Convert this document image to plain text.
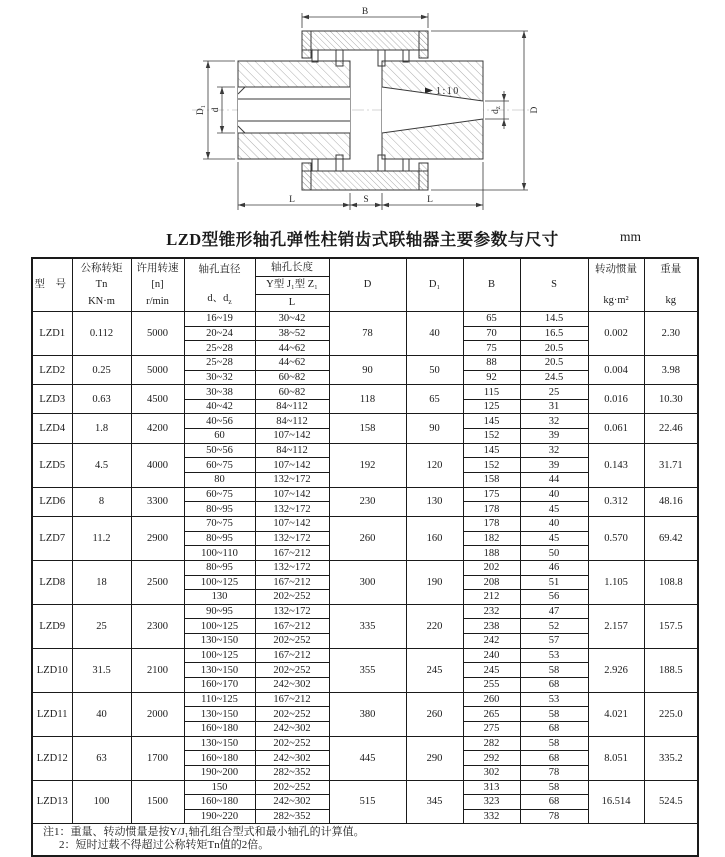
1:10
B
D
D₁ d	$d_z$
L	S	L
LZD型锥形轴孔弹性柱销齿式联轴器主要参数与尺寸	mm
型 号

公称转矩
Tn
KN·m

许用转速
[n]
r/min

轴孔直径
d、$d_z$

轴孔长度
Y型 J₁型 Z₁
L
	D	D₁	B	S	
转动惯量
kg·m²

重量
kg

LZD1	0.112	5000	16~19	30~42	78	40	65	14.5	0.002	2.30
			20~24	38~52			70	16.5		
			25~28	44~62			75	20.5		
LZD2	0.25	5000	25~28	44~62	90	50	88	20.5	0.004	3.98
			30~32	60~82			92	24.5		
LZD3	0.63	4500	30~38	60~82	118	65	115	25	0.016	10.30
			40~42	84~112			125	31		
LZD4	1.8	4200	40~56	84~112	158	90	145	32	0.061	22.46
			60	107~142			152	39		
LZD5	4.5	4000	50~56	84~112	192	120	145	32	0.143	31.71
			60~75	107~142			152	39		
			80	132~172			158	44		
LZD6	8	3300	60~75	107~142	230	130	175	40	0.312	48.16
			80~95	132~172			178	45		
LZD7	11.2	2900	70~75	107~142	260	160	178	40	0.570	69.42
			80~95	132~172			182	45		
			100~110	167~212			188	50		
LZD8	18	2500	80~95	132~172	300	190	202	46	1.105	108.8
			100~125	167~212			208	51		
			130	202~252			212	56		
LZD9	25	2300	90~95	132~172	335	220	232	47	2.157	157.5
			100~125	167~212			238	52		
			130~150	202~252			242	57		
LZD10	31.5	2100	100~125	167~212	355	245	240	53	2.926	188.5
			130~150	202~252			245	58		
			160~170	242~302			255	68		
LZD11	40	2000	110~125	167~212	380	260	260	53	4.021	225.0
			130~150	202~252			265	58		
			160~180	242~302			275	68		
LZD12	63	1700	130~150	202~252	445	290	282	58	8.051	335.2
			160~180	242~302			292	68		
			190~200	282~352			302	78		
LZD13	100	1500	150	202~252	515	345	313	58	16.514	524.5
			160~180	242~302			323	68		
			190~220	282~352			332	78		

注1：重量、转动惯量是按Y/J₁轴孔组合型式和最小轴孔的计算值。
2：短时过载不得超过公称转矩Tn值的2倍。										
